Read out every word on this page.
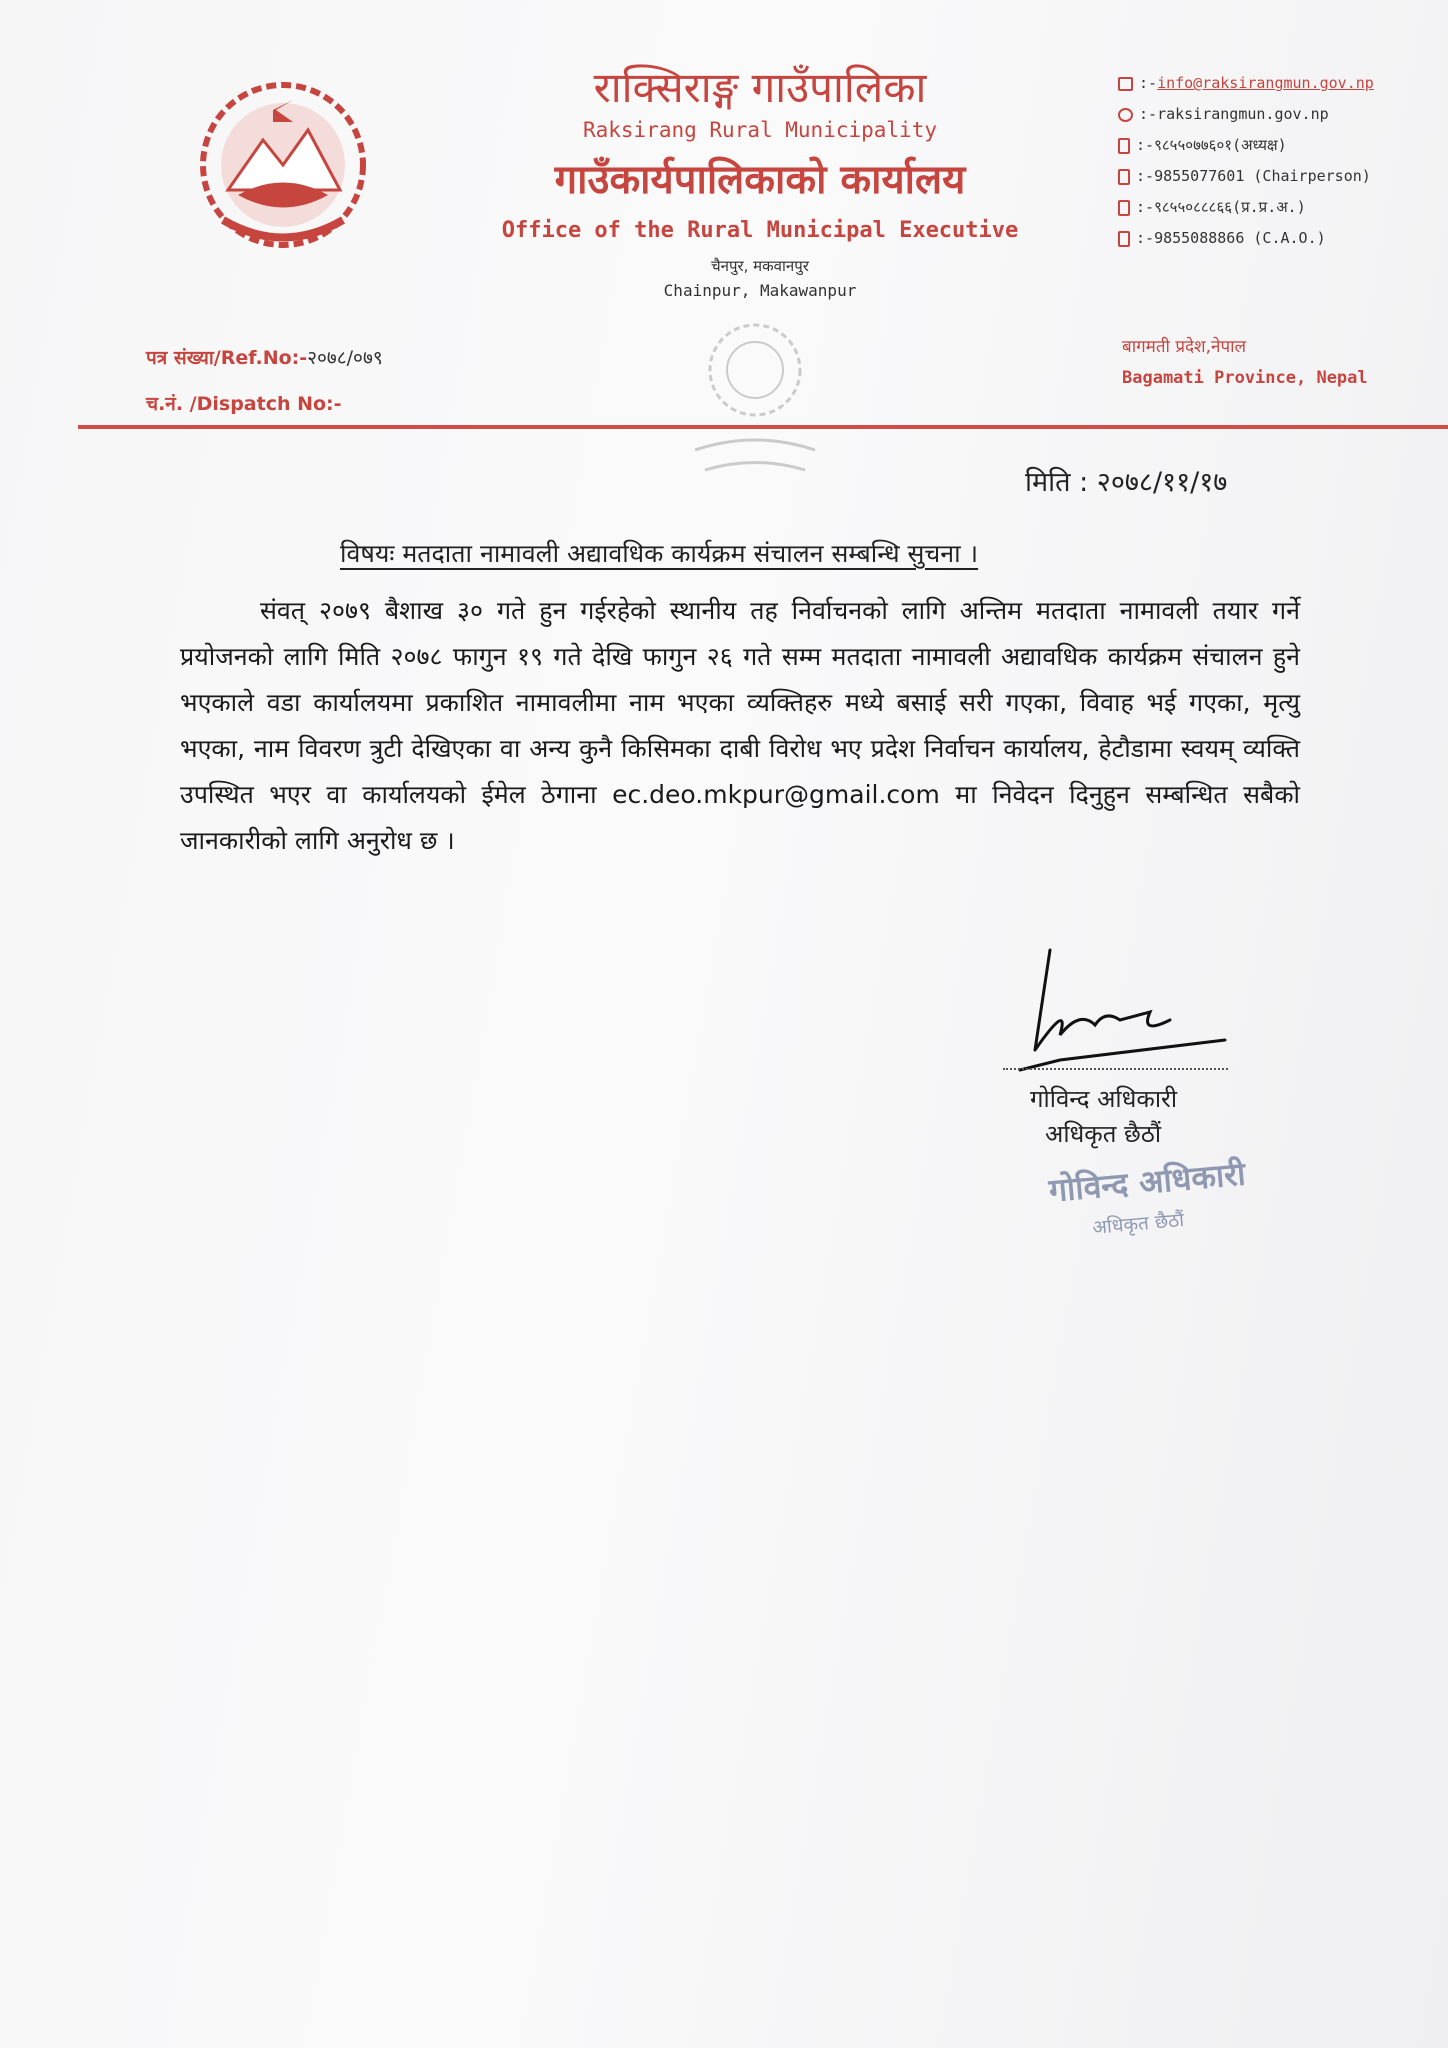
राक्सिराङ्ग गाउँपालिका
Raksirang Rural Municipality
गाउँकार्यपालिकाको कार्यालय
Office of the Rural Municipal Executive
चैनपुर, मकवानपुर
Chainpur, Makawanpur
:- info@raksirangmun.gov.np
:- raksirangmun.gov.np
:- ९८५५०७७६०१(अध्यक्ष)
:- 9855077601 (Chairperson)
:- ९८५५०८८८६६(प्र.प्र.अ.)
:- 9855088866 (C.A.O.)
पत्र संख्या/Ref.No:-२०७८/०७९
च.नं. /Dispatch No:-
बागमती प्रदेश,नेपाल
Bagamati Province, Nepal
मिति : २०७८/११/१७
विषयः मतदाता नामावली अद्यावधिक कार्यक्रम संचालन सम्बन्धि सुचना ।
संवत् २०७९ बैशाख ३० गते हुन गईरहेको स्थानीय तह निर्वाचनको लागि अन्तिम मतदाता नामावली तयार गर्ने प्रयोजनको लागि मिति २०७८ फागुन १९ गते देखि फागुन २६ गते सम्म मतदाता नामावली अद्यावधिक कार्यक्रम संचालन हुने भएकाले वडा कार्यालयमा प्रकाशित नामावलीमा नाम भएका व्यक्तिहरु मध्ये बसाई सरी गएका, विवाह भई गएका, मृत्यु भएका, नाम विवरण त्रुटी देखिएका वा अन्य कुनै किसिमका दाबी विरोध भए प्रदेश निर्वाचन कार्यालय, हेटौडामा स्वयम् व्यक्ति उपस्थित भएर वा कार्यालयको ईमेल ठेगाना ec.deo.mkpur@gmail.com मा निवेदन दिनुहुन सम्बन्धित सबैको जानकारीको लागि अनुरोध छ ।
गोविन्द अधिकारी
अधिकृत छैठौं
गोविन्द अधिकारी
अधिकृत छैठौं
